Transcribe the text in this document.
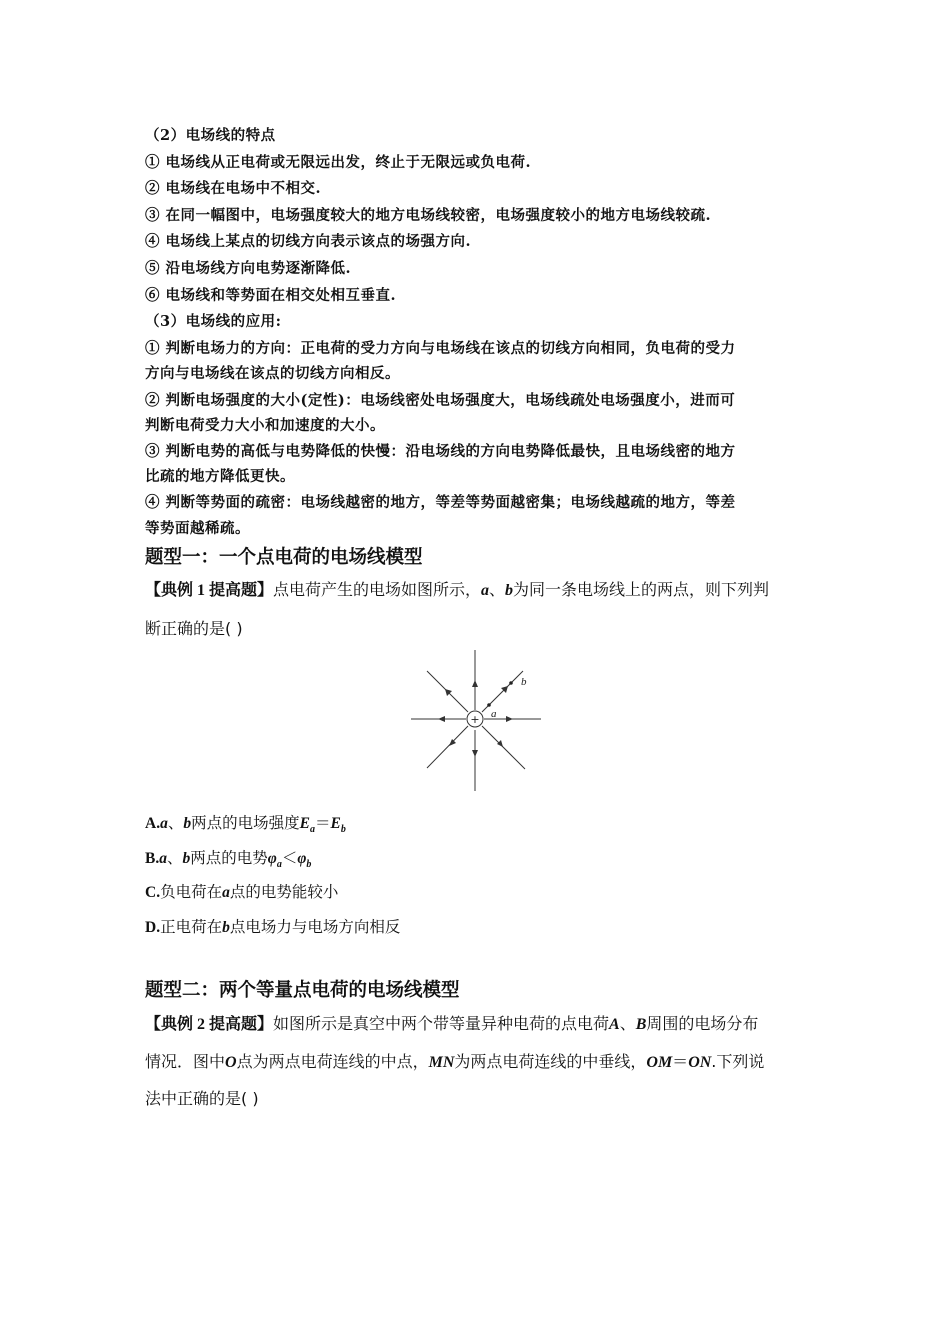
（2）电场线的特点
① 电场线从正电荷或无限远出发，终止于无限远或负电荷.
② 电场线在电场中不相交.
③ 在同一幅图中，电场强度较大的地方电场线较密，电场强度较小的地方电场线较疏.
④ 电场线上某点的切线方向表示该点的场强方向.
⑤ 沿电场线方向电势逐渐降低.
⑥ 电场线和等势面在相交处相互垂直.
（3）电场线的应用:
① 判断电场力的方向：正电荷的受力方向与电场线在该点的切线方向相同，负电荷的受力
方向与电场线在该点的切线方向相反。
② 判断电场强度的大小(定性)：电场线密处电场强度大，电场线疏处电场强度小，进而可
判断电荷受力大小和加速度的大小。
③ 判断电势的高低与电势降低的快慢：沿电场线的方向电势降低最快，且电场线密的地方
比疏的地方降低更快。
④ 判断等势面的疏密：电场线越密的地方，等差等势面越密集；电场线越疏的地方，等差
等势面越稀疏。
题型一：一个点电荷的电场线模型
【典例 1 提高题】点电荷产生的电场如图所示，a、b为同一条电场线上的两点，则下列判
断正确的是( )
+ a
b
A.a、b两点的电场强度$E_a=E_b$
B.a、b两点的电势$\varphi_a<\varphi_b$
C.负电荷在a点的电势能较小
D.正电荷在b点电场力与电场方向相反
题型二：两个等量点电荷的电场线模型
【典例 2 提高题】如图所示是真空中两个带等量异种电荷的点电荷A、B周围的电场分布
情况．图中O点为两点电荷连线的中点，MN为两点电荷连线的中垂线，OM＝ON.下列说
法中正确的是( )
